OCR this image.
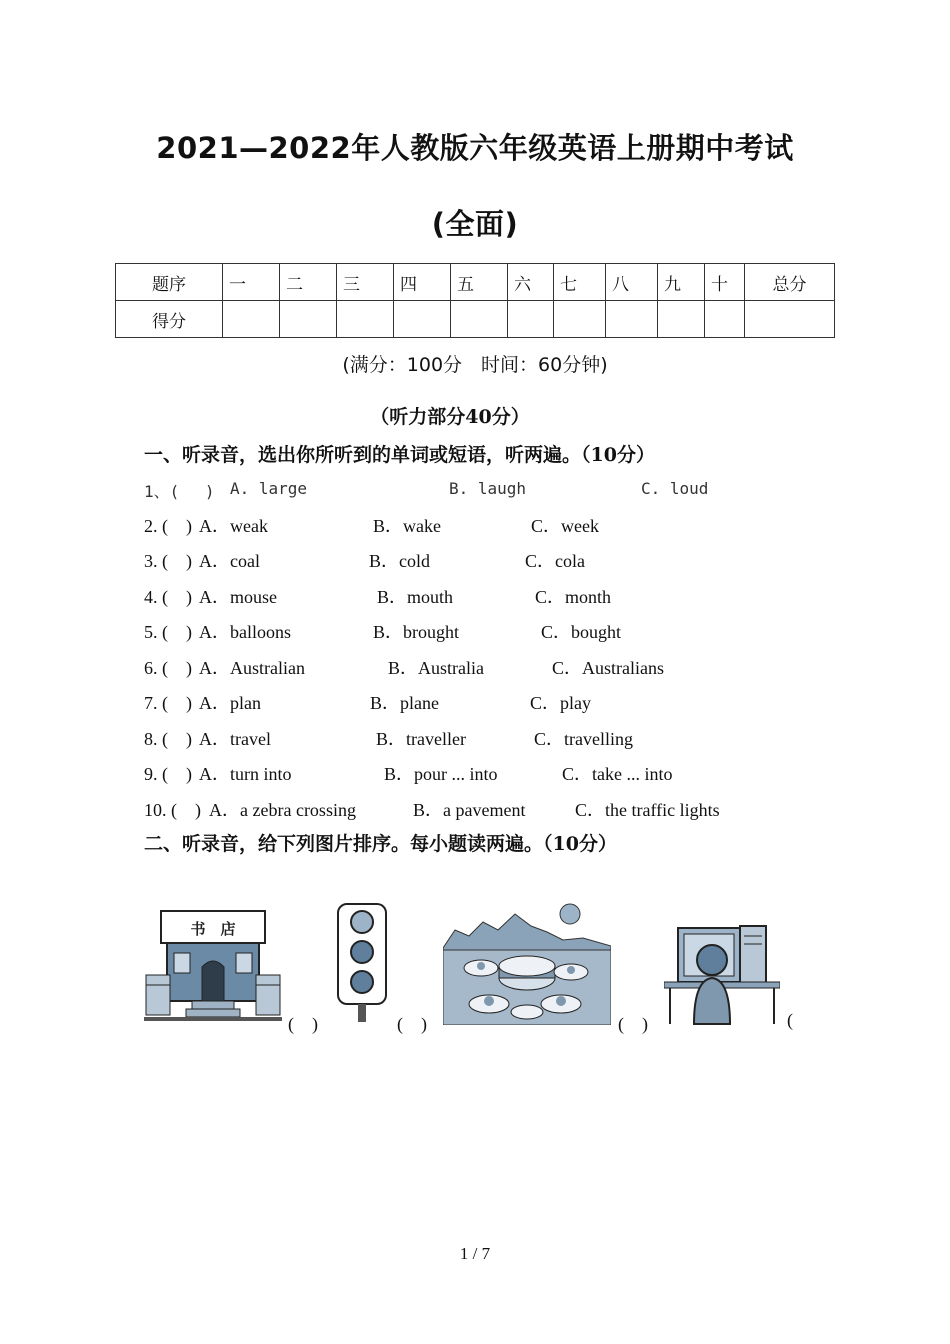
2021—2022年人教版六年级英语上册期中考试
(全面)
题序	一	二	三	四	五	六	七	八	九	十	总分
得分											
(满分：100分　时间：60分钟)
（听力部分40分）
一、听录音，选出你所听到的单词或短语，听两遍。（10分）
1、(　 ) A. large	B. laugh	C. loud
2. (　) A．weak	B．wake	C．week
3. (　) A．coal	B．cold	C．cola
4. (　) A．mouse	B．mouth	C．month
5. (　) A．balloons	B．brought	C．bought
6. (　) A．Australian	B．Australia	C．Australians
7. (　) A．plan	B．plane	C．play
8. (　) A．travel	B．traveller	C．travelling
9. (　) A．turn into	B．pour ... into	C．take ... into
10. (　) A．a zebra crossing	B．a pavement	C．the traffic lights
二、听录音，给下列图片排序。每小题读两遍。（10分）
书　店
(　)	(　)	(　)	(
1 / 7
